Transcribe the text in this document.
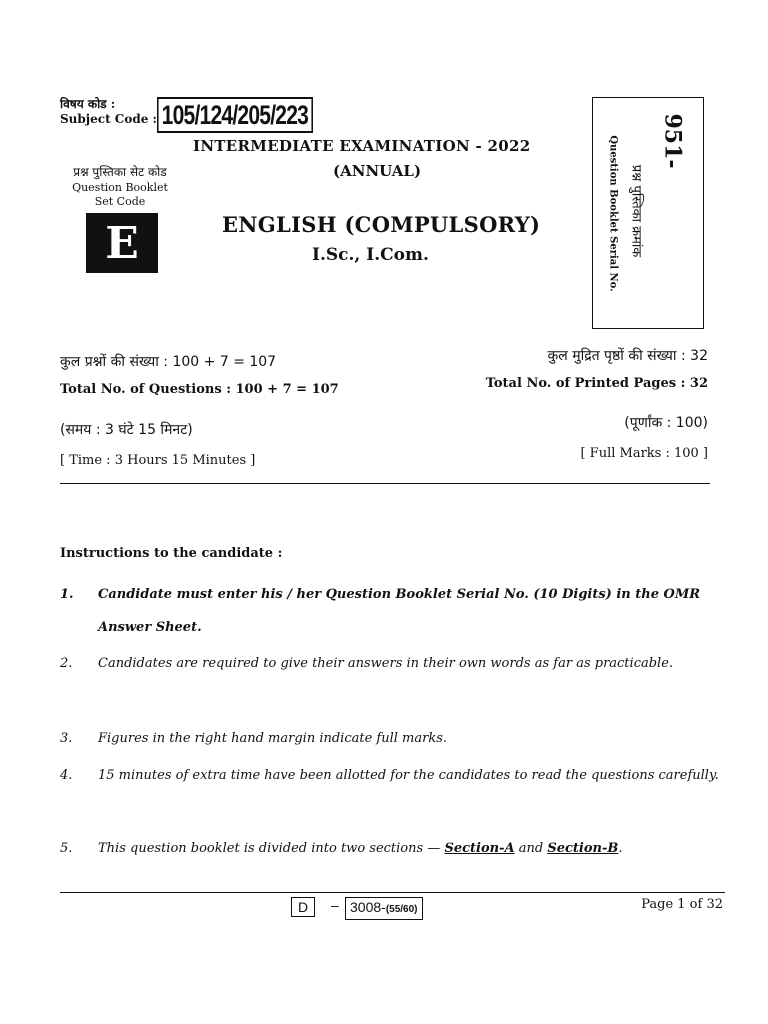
विषय कोड :
Subject Code : 105/124/205/223
INTERMEDIATE EXAMINATION - 2022
(ANNUAL)
प्रश्न पुस्तिका सेट कोड
Question Booklet
Set Code
E	ENGLISH (COMPULSORY)
I.Sc., I.Com.
951-
प्रश्न पुस्तिका क्रमांक
Question Booklet Serial No.
कुल प्रश्नों की संख्या : 100 + 7 = 107
Total No. of Questions : 100 + 7 = 107
कुल मुद्रित पृष्ठों की संख्या : 32
Total No. of Printed Pages : 32
(समय : 3 घंटे 15 मिनट)
[ Time : 3 Hours 15 Minutes ]
(पूर्णांक : 100)
[ Full Marks : 100 ]
Instructions to the candidate :
1. Candidate must enter his / her Question Booklet Serial No. (10 Digits) in the OMR Answer Sheet.
2. Candidates are required to give their answers in their own words as far as practicable.
3. Figures in the right hand margin indicate full marks.
4. 15 minutes of extra time have been allotted for the candidates to read the questions carefully.
5. This question booklet is divided into two sections — Section-A and Section-B.
D	– 3008-(55/60)	Page 1 of 32
